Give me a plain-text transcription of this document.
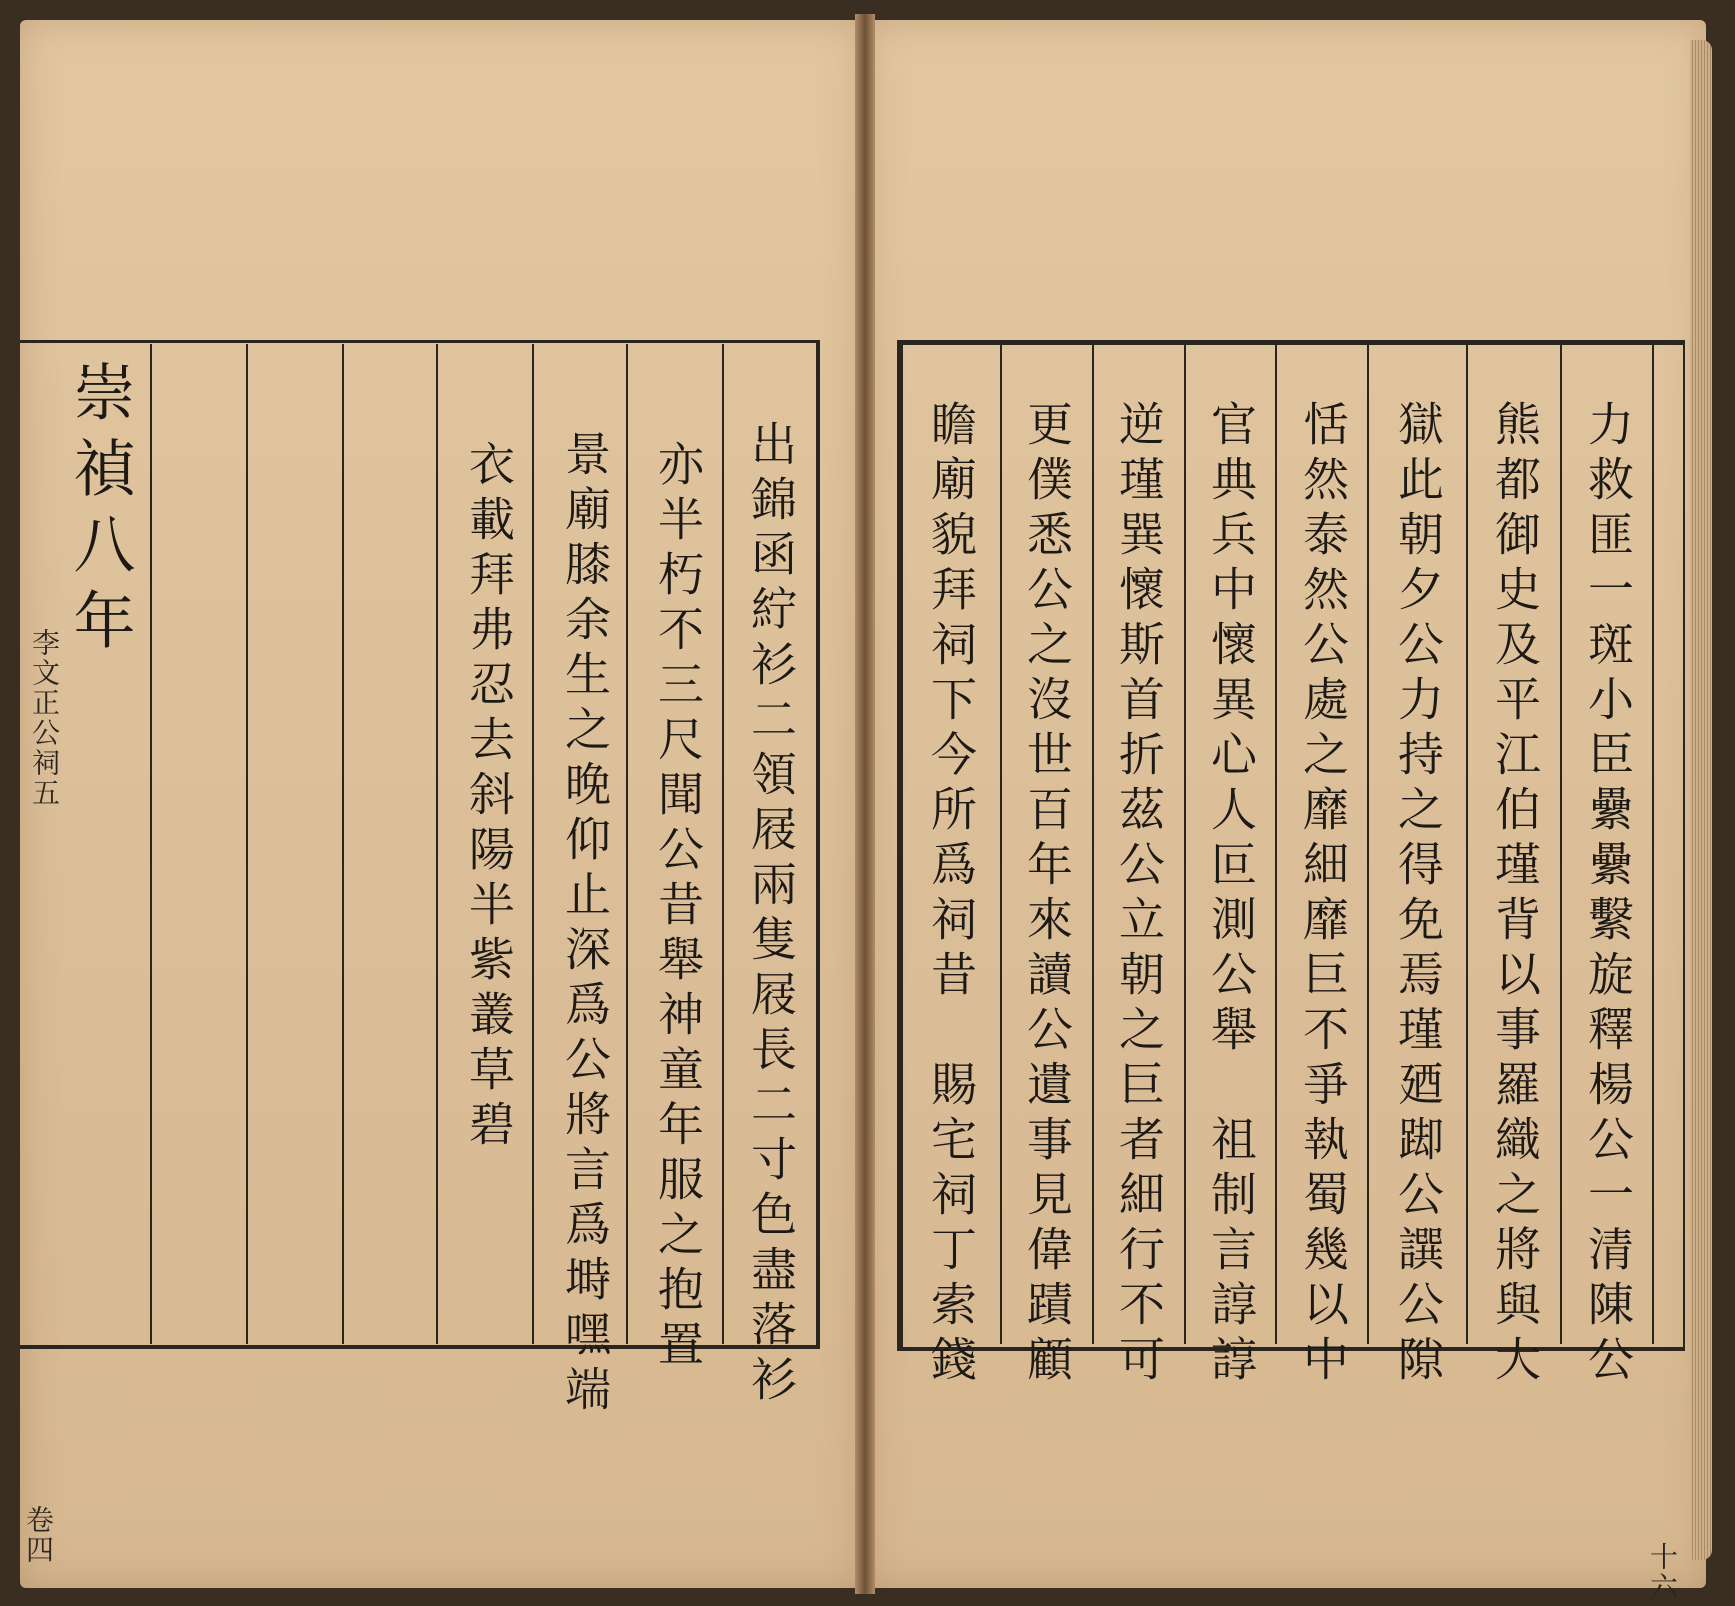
崇禎八年
李文正公祠五
卷四
出錦函紵衫二領屐兩隻屐長二寸色盡落衫
亦半朽不三尺聞公昔舉神童年服之抱置
景廟膝余生之晚仰止深爲公將言爲塒嘿端
衣載拜弗忍去斜陽半紫叢草碧	力救匪一斑小臣纍纍繫旋釋楊公一清陳公
熊都御史及平江伯瑾背以事羅織之將與大
獄此朝夕公力持之得免焉瑾廼踋公譔公隙
恬然泰然公處之靡細靡巨不爭執蜀幾以中
官典兵中懷異心人叵測公舉　祖制言諄諄
逆瑾巽懷斯首折茲公立朝之巨者細行不可
更僕悉公之沒世百年來讀公遺事見偉蹟顧
瞻廟貌拜祠下今所爲祠昔　賜宅祠丁索錢
十六
